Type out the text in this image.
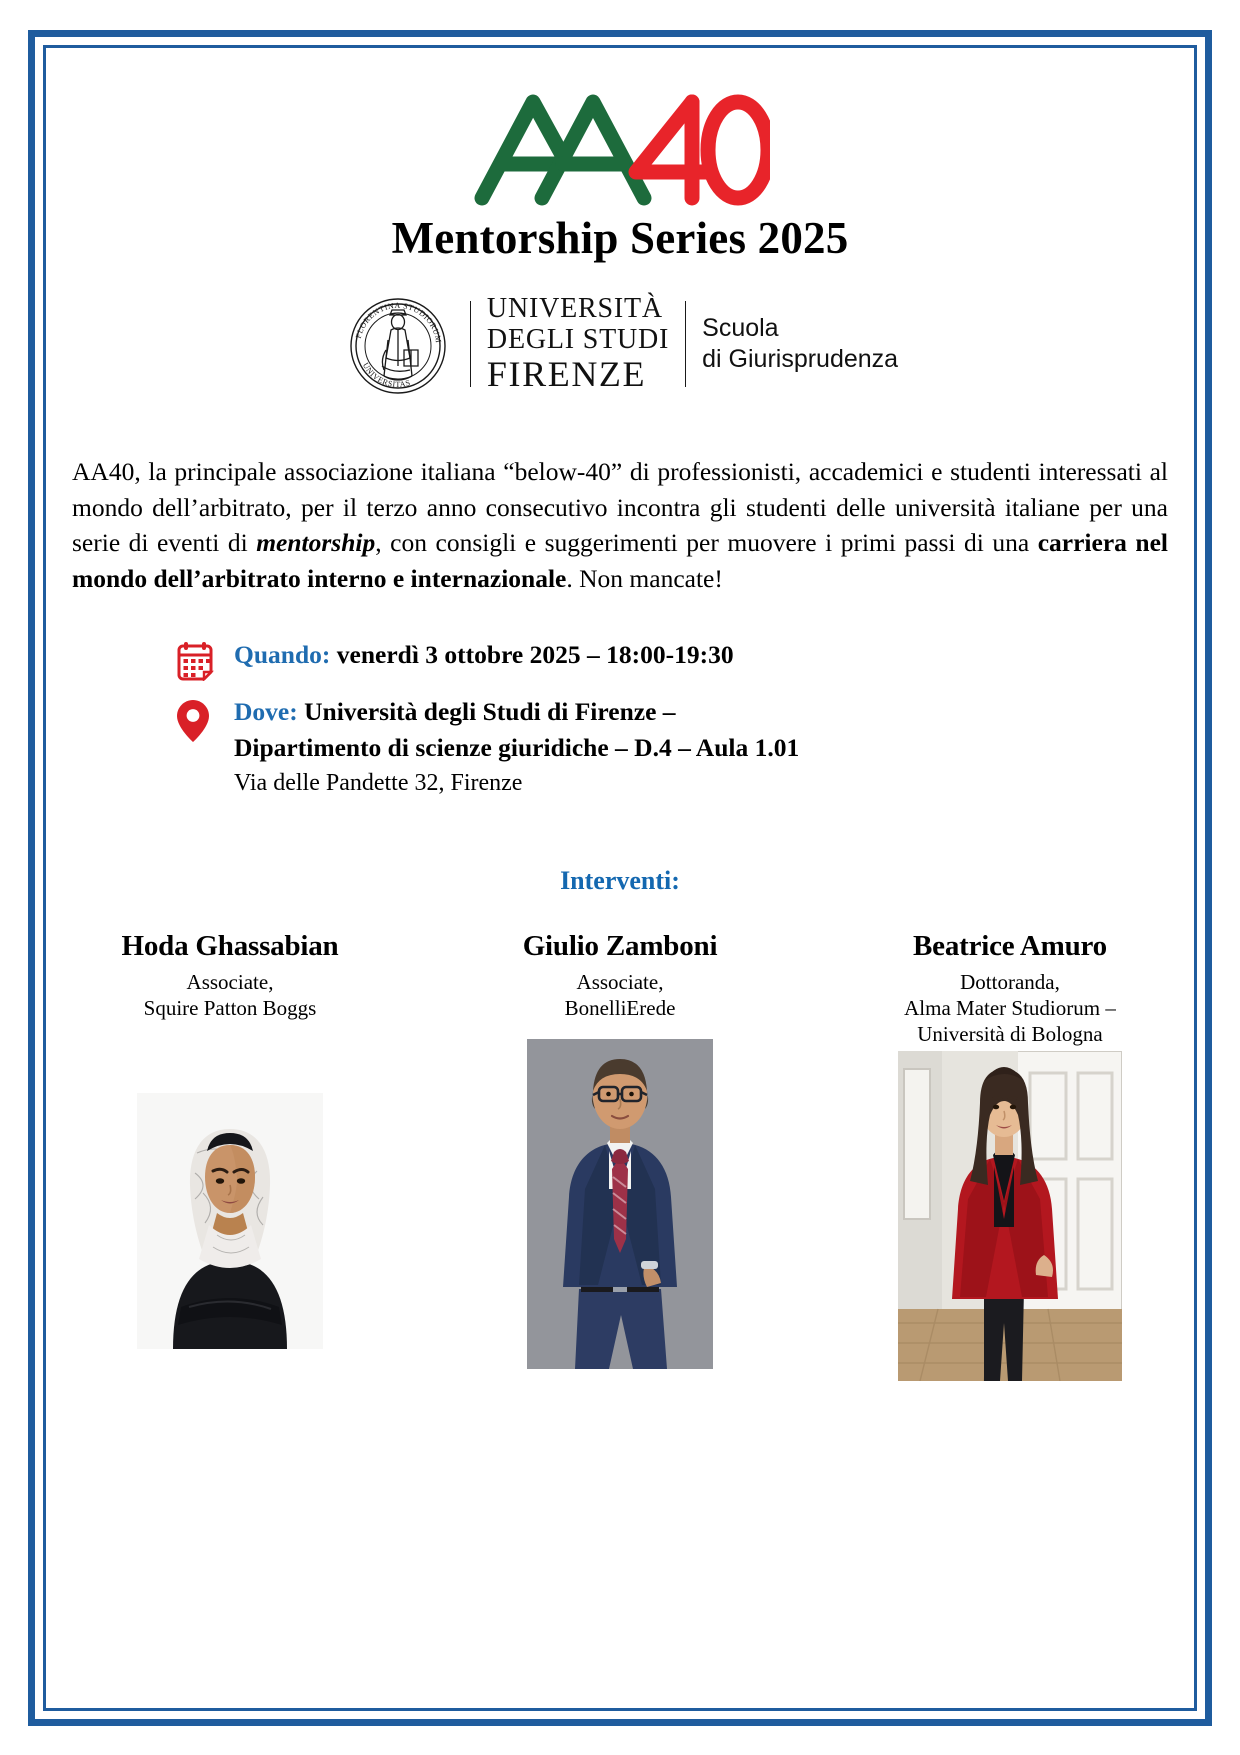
Mentorship Series 2025
FLORENTINA STUDIORUM
UNIVERSITAS
UNIVERSITÀ
DEGLI STUDI
FIRENZE
Scuola
di Giurisprudenza

AA40, la principale associazione italiana “below-40” di professionisti, accademici e studenti interessati al mondo dell’arbitrato, per il terzo anno consecutivo incontra gli studenti delle università italiane per una serie di eventi di mentorship, con consigli e suggerimenti per muovere i primi passi di una carriera nel mondo dell’arbitrato interno e internazionale. Non mancate!

Quando: venerdì 3 ottobre 2025 – 18:00-19:30
Dove: Università degli Studi di Firenze –
Dipartimento di scienze giuridiche – D.4 – Aula 1.01
Via delle Pandette 32, Firenze
Interventi:
Hoda Ghassabian
Associate,
Squire Patton Boggs
Giulio Zamboni
Associate,
BonelliErede
Beatrice Amuro
Dottoranda,
Alma Mater Studiorum –
Università di Bologna
